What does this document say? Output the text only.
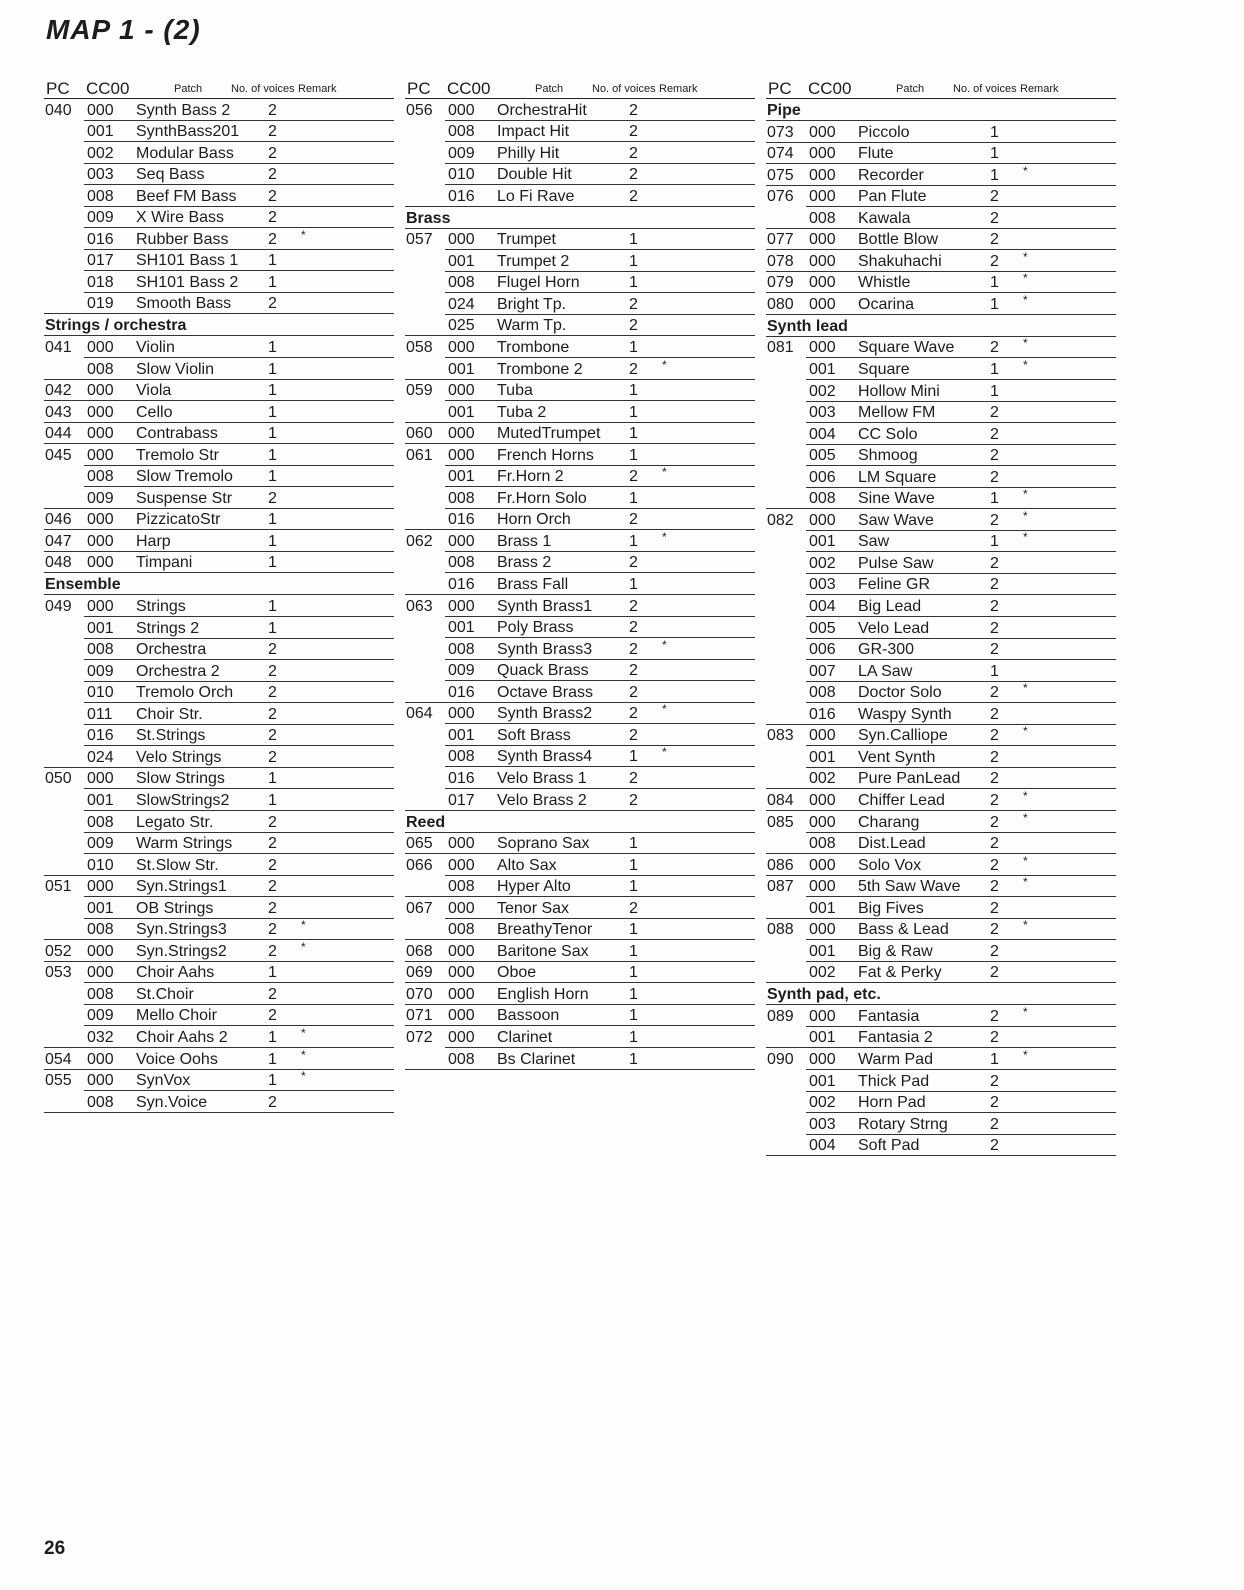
MAP 1 - (2)
PC CC00	Patch	No. of voices Remark
040 000 Synth Bass 2 2
001 SynthBass201 2
002 Modular Bass 2
003 Seq Bass	2
008 Beef FM Bass 2
009 X Wire Bass	2
016 Rubber Bass 2 *
017 SH101 Bass 1 1
018 SH101 Bass 2 1
019 Smooth Bass 2
Strings / orchestra
041 000 Violin	1
008 Slow Violin	1
042 000 Viola	1
043 000 Cello	1
044 000 Contrabass	1
045 000 Tremolo Str	1
008 Slow Tremolo 1
009 Suspense Str 2
046 000 PizzicatoStr	1
047 000 Harp	1
048 000 Timpani	1
Ensemble
049 000 Strings	1
001 Strings 2	1
008 Orchestra	2
009 Orchestra 2	2
010 Tremolo Orch 2
011 Choir Str.	2
016 St.Strings	2
024 Velo Strings	2
050 000 Slow Strings	1
001 SlowStrings2 1
008 Legato Str.	2
009 Warm Strings 2
010 St.Slow Str.	2
051 000 Syn.Strings1	2
001 OB Strings	2
008 Syn.Strings3	2 *
052 000 Syn.Strings2	2 *
053 000 Choir Aahs	1
008 St.Choir	2
009 Mello Choir	2
032 Choir Aahs 2	1 *
054 000 Voice Oohs	1 *
055 000 SynVox	1 *
008 Syn.Voice	2
PC CC00	Patch	No. of voices Remark
056 000 OrchestraHit	2
008 Impact Hit	2
009 Philly Hit	2
010 Double Hit	2
016 Lo Fi Rave	2
Brass
057 000 Trumpet	1
001 Trumpet 2	1
008 Flugel Horn	1
024 Bright Tp.	2
025 Warm Tp.	2
058 000 Trombone	1
001 Trombone 2	2 *
059 000 Tuba	1
001 Tuba 2	1
060 000 MutedTrumpet 1
061 000 French Horns 1
001 Fr.Horn 2	2 *
008 Fr.Horn Solo	1
016 Horn Orch	2
062 000 Brass 1	1 *
008 Brass 2	2
016 Brass Fall	1
063 000 Synth Brass1 2
001 Poly Brass	2
008 Synth Brass3 2 *
009 Quack Brass	2
016 Octave Brass 2
064 000 Synth Brass2 2 *
001 Soft Brass	2
008 Synth Brass4 1 *
016 Velo Brass 1	2
017 Velo Brass 2	2
Reed
065 000 Soprano Sax 1
066 000 Alto Sax	1
008 Hyper Alto	1
067 000 Tenor Sax	2
008 BreathyTenor 1
068 000 Baritone Sax	1
069 000 Oboe	1
070 000 English Horn	1
071 000 Bassoon	1
072 000 Clarinet	1
008 Bs Clarinet	1
PC CC00	Patch	No. of voices Remark
Pipe
073 000 Piccolo	1
074 000 Flute	1
075 000 Recorder	1 *
076 000 Pan Flute	2
008 Kawala	2
077 000 Bottle Blow	2
078 000 Shakuhachi	2 *
079 000 Whistle	1 *
080 000 Ocarina	1 *
Synth lead
081 000 Square Wave 2 *
001 Square	1 *
002 Hollow Mini	1
003 Mellow FM	2
004 CC Solo	2
005 Shmoog	2
006 LM Square	2
008 Sine Wave	1 *
082 000 Saw Wave	2 *
001 Saw	1 *
002 Pulse Saw	2
003 Feline GR	2
004 Big Lead	2
005 Velo Lead	2
006 GR-300	2
007 LA Saw	1
008 Doctor Solo	2 *
016 Waspy Synth 2
083 000 Syn.Calliope	2 *
001 Vent Synth	2
002 Pure PanLead 2
084 000 Chiffer Lead	2 *
085 000 Charang	2 *
008 Dist.Lead	2
086 000 Solo Vox	2 *
087 000 5th Saw Wave 2 *
001 Big Fives	2
088 000 Bass & Lead	2 *
001 Big & Raw	2
002 Fat & Perky	2
Synth pad, etc.
089 000 Fantasia	2 *
001 Fantasia 2	2
090 000 Warm Pad	1 *
001 Thick Pad	2
002 Horn Pad	2
003 Rotary Strng	2
004 Soft Pad	2
26
